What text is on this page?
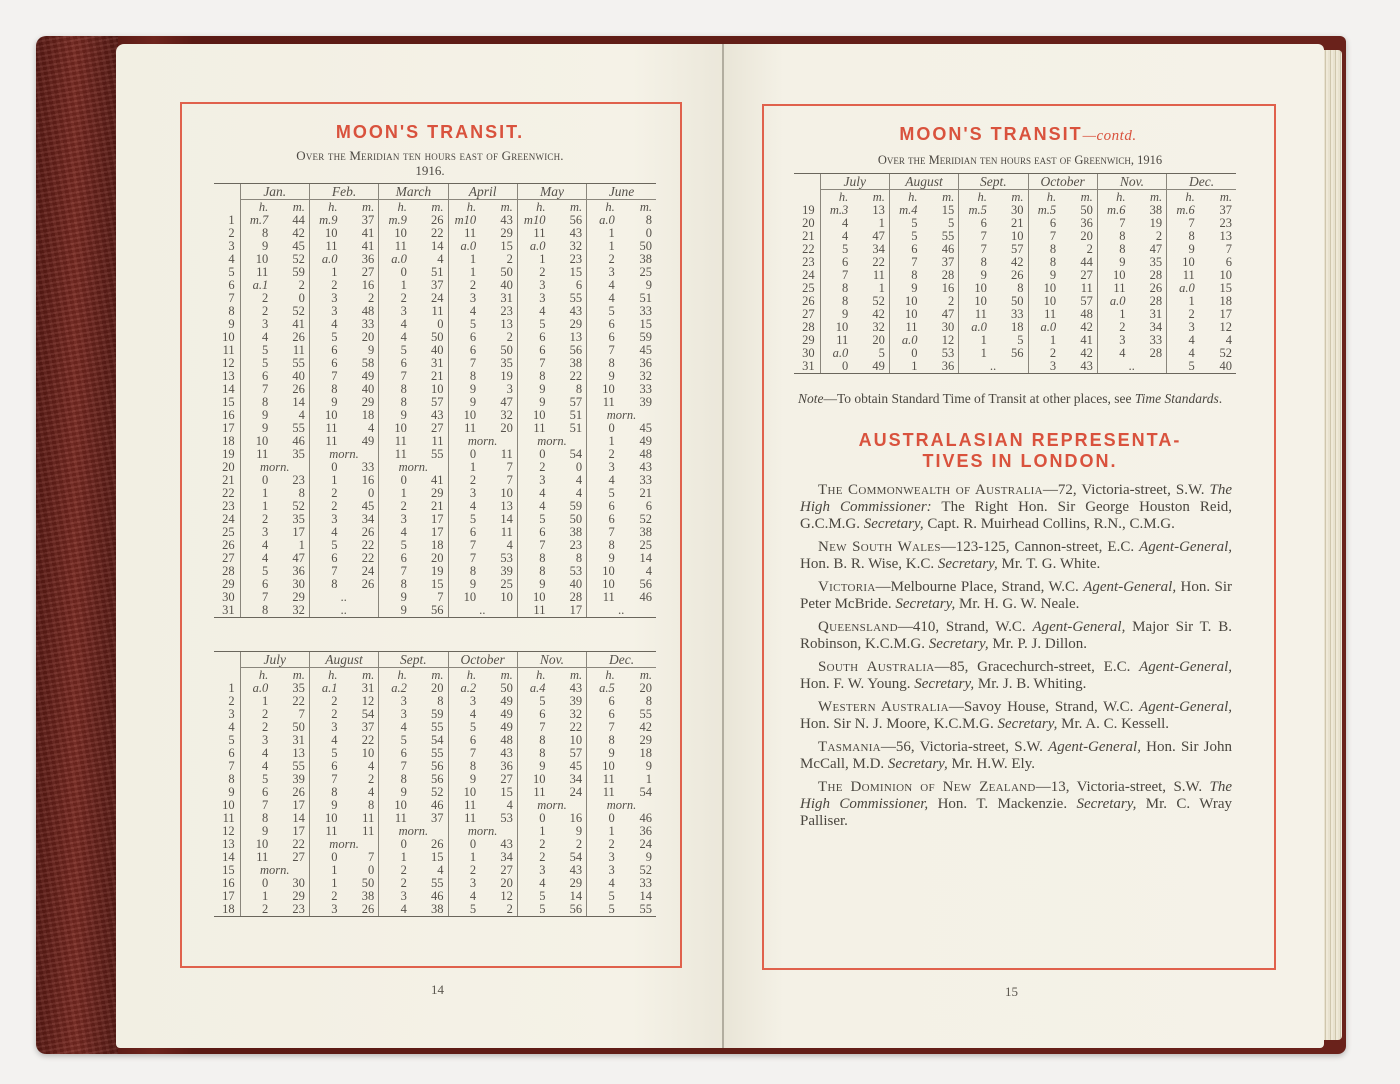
MOON'S TRANSIT.
Over the Meridian ten hours east of Greenwich.
1916.
	Jan.		Feb.		March		April		May		June	
	h.	m.	h.	m.	h.	m.	h.	m.	h.	m.	h.	m.
1	m.7	44	m.9	37	m.9	26	m10	43	m10	56	a.0	8
2	8	42	10	41	10	22	11	29	11	43	1	0
3	9	45	11	41	11	14	a.0	15	a.0	32	1	50
4	10	52	a.0	36	a.0	4	1	2	1	23	2	38
5	11	59	1	27	0	51	1	50	2	15	3	25
6	a.1	2	2	16	1	37	2	40	3	6	4	9
7	2	0	3	2	2	24	3	31	3	55	4	51
8	2	52	3	48	3	11	4	23	4	43	5	33
9	3	41	4	33	4	0	5	13	5	29	6	15
10	4	26	5	20	4	50	6	2	6	13	6	59
11	5	11	6	9	5	40	6	50	6	56	7	45
12	5	55	6	58	6	31	7	35	7	38	8	36
13	6	40	7	49	7	21	8	19	8	22	9	32
14	7	26	8	40	8	10	9	3	9	8	10	33
15	8	14	9	29	8	57	9	47	9	57	11	39
16	9	4	10	18	9	43	10	32	10	51	morn.	
17	9	55	11	4	10	27	11	20	11	51	0	45
18	10	46	11	49	11	11	morn.		morn.		1	49
19	11	35	morn.		11	55	0	11	0	54	2	48
20	morn.		0	33	morn.		1	7	2	0	3	43
21	0	23	1	16	0	41	2	7	3	4	4	33
22	1	8	2	0	1	29	3	10	4	4	5	21
23	1	52	2	45	2	21	4	13	4	59	6	6
24	2	35	3	34	3	17	5	14	5	50	6	52
25	3	17	4	26	4	17	6	11	6	38	7	38
26	4	1	5	22	5	18	7	4	7	23	8	25
27	4	47	6	22	6	20	7	53	8	8	9	14
28	5	36	7	24	7	19	8	39	8	53	10	4
29	6	30	8	26	8	15	9	25	9	40	10	56
30	7	29	..		9	7	10	10	10	28	11	46
31	8	32	..		9	56	..		11	17	..	
	July		August		Sept.		October		Nov.		Dec.	
	h.	m.	h.	m.	h.	m.	h.	m.	h.	m.	h.	m.
1	a.0	35	a.1	31	a.2	20	a.2	50	a.4	43	a.5	20
2	1	22	2	12	3	8	3	49	5	39	6	8
3	2	7	2	54	3	59	4	49	6	32	6	55
4	2	50	3	37	4	55	5	49	7	22	7	42
5	3	31	4	22	5	54	6	48	8	10	8	29
6	4	13	5	10	6	55	7	43	8	57	9	18
7	4	55	6	4	7	56	8	36	9	45	10	9
8	5	39	7	2	8	56	9	27	10	34	11	1
9	6	26	8	4	9	52	10	15	11	24	11	54
10	7	17	9	8	10	46	11	4	morn.		morn.	
11	8	14	10	11	11	37	11	53	0	16	0	46
12	9	17	11	11	morn.		morn.		1	9	1	36
13	10	22	morn.		0	26	0	43	2	2	2	24
14	11	27	0	7	1	15	1	34	2	54	3	9
15	morn.		1	0	2	4	2	27	3	43	3	52
16	0	30	1	50	2	55	3	20	4	29	4	33
17	1	29	2	38	3	46	4	12	5	14	5	14
18	2	23	3	26	4	38	5	2	5	56	5	55
14
MOON'S TRANSIT—contd.
Over the Meridian ten hours east of Greenwich, 1916
	July		August		Sept.		October		Nov.		Dec.	
	h.	m.	h.	m.	h.	m.	h.	m.	h.	m.	h.	m.
19	m.3	13	m.4	15	m.5	30	m.5	50	m.6	38	m.6	37
20	4	1	5	5	6	21	6	36	7	19	7	23
21	4	47	5	55	7	10	7	20	8	2	8	13
22	5	34	6	46	7	57	8	2	8	47	9	7
23	6	22	7	37	8	42	8	44	9	35	10	6
24	7	11	8	28	9	26	9	27	10	28	11	10
25	8	1	9	16	10	8	10	11	11	26	a.0	15
26	8	52	10	2	10	50	10	57	a.0	28	1	18
27	9	42	10	47	11	33	11	48	1	31	2	17
28	10	32	11	30	a.0	18	a.0	42	2	34	3	12
29	11	20	a.0	12	1	5	1	41	3	33	4	4
30	a.0	5	0	53	1	56	2	42	4	28	4	52
31	0	49	1	36	..		3	43	..		5	40
Note—To obtain Standard Time of Transit at other places, see Time Standards.
AUSTRALASIAN REPRESENTA-
TIVES IN LONDON.
The Commonwealth of Australia—72, Victoria-street, S.W. The High Commissioner: The Right Hon. Sir George Houston Reid, G.C.M.G. Secretary, Capt. R. Muirhead Collins, R.N., C.M.G.
New South Wales—123-125, Cannon-street, E.C. Agent-General, Hon. B. R. Wise, K.C. Secretary, Mr. T. G. White.
Victoria—Melbourne Place, Strand, W.C. Agent-General, Hon. Sir Peter McBride. Secretary, Mr. H. G. W. Neale.
Queensland—410, Strand, W.C. Agent-General, Major Sir T. B. Robinson, K.C.M.G. Secretary, Mr. P. J. Dillon.
South Australia—85, Gracechurch-street, E.C. Agent-General, Hon. F. W. Young. Secretary, Mr. J. B. Whiting.
Western Australia—Savoy House, Strand, W.C. Agent-General, Hon. Sir N. J. Moore, K.C.M.G. Secretary, Mr. A. C. Kessell.
Tasmania—56, Victoria-street, S.W. Agent-General, Hon. Sir John McCall, M.D. Secretary, Mr. H.W. Ely.
The Dominion of New Zealand—13, Victoria-street, S.W. The High Commissioner, Hon. T. Mackenzie. Secretary, Mr. C. Wray Palliser.
15
